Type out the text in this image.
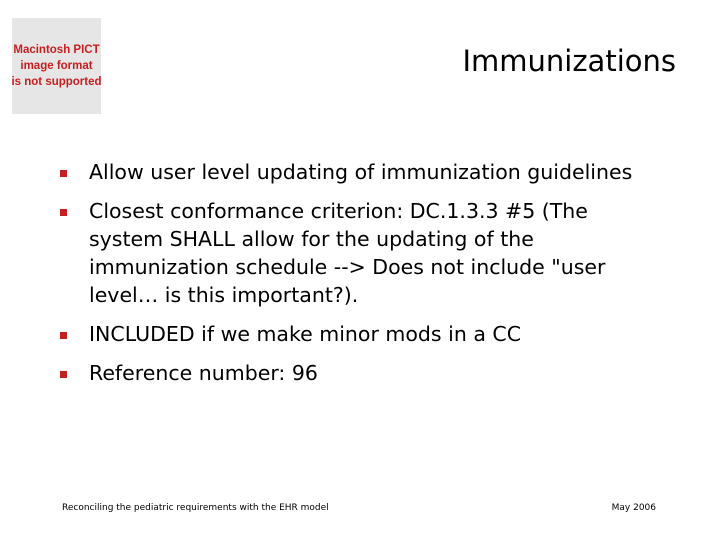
Macintosh PICT
image format
is not supported
Immunizations
Allow user level updating of immunization guidelines
Closest conformance criterion: DC.1.3.3 #5 (The system SHALL allow for the updating of the immunization schedule --> Does not include "user level… is this important?).
INCLUDED if we make minor mods in a CC
Reference number: 96
Reconciling the pediatric requirements with the EHR model	May 2006
